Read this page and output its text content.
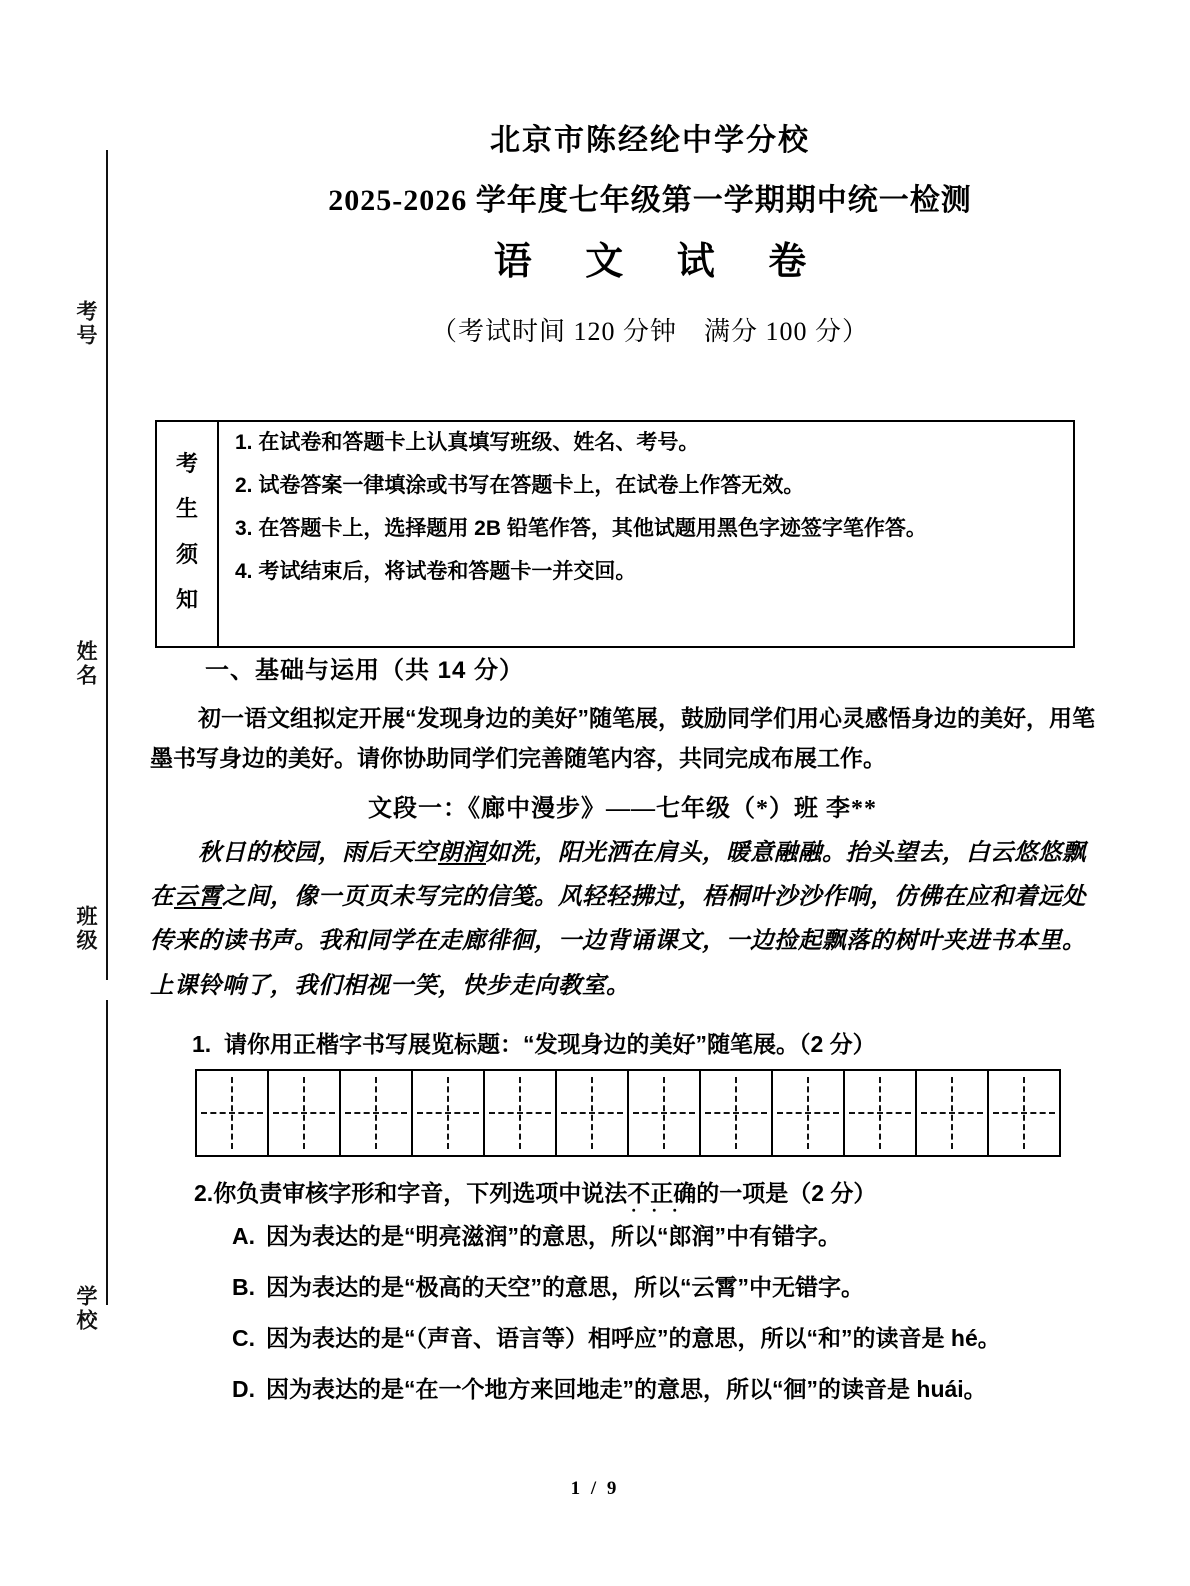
考号
姓名
班级
学校
北京市陈经纶中学分校
2025-2026 学年度七年级第一学期期中统一检测
语 文 试 卷
（考试时间 120 分钟　满分 100 分）
考
生
须
知
1. 在试卷和答题卡上认真填写班级、姓名、考号。
2. 试卷答案一律填涂或书写在答题卡上，在试卷上作答无效。
3. 在答题卡上，选择题用 2B 铅笔作答，其他试题用黑色字迹签字笔作答。
4. 考试结束后，将试卷和答题卡一并交回。
一、基础与运用（共 14 分）

初一语文组拟定开展“发现身边的美好”随笔展，鼓励同学们用心灵感悟身边的美好，用笔墨书写身边的美好。请你协助同学们完善随笔内容，共同完成布展工作。

文段一：《廊中漫步》——七年级（*）班 李**

秋日的校园，雨后天空朗润如洗，阳光洒在肩头，暖意融融。抬头望去，白云悠悠飘在云霄之间，像一页页未写完的信笺。风轻轻拂过，梧桐叶沙沙作响，仿佛在应和着远处传来的读书声。我和同学在走廊徘徊，一边背诵课文，一边捡起飘落的树叶夹进书本里。上课铃响了，我们相视一笑，快步走向教室。

1. 请你用正楷字书写展览标题：“发现身边的美好”随笔展。（2 分）
2.你负责审核字形和字音，下列选项中说法不正确 ・・・的一项是（2 分）
A. 因为表达的是“明亮滋润”的意思，所以“郎润”中有错字。
B. 因为表达的是“极高的天空”的意思，所以“云霄”中无错字。
C. 因为表达的是“（声音、语言等）相呼应”的意思，所以“和”的读音是 hé。
D. 因为表达的是“在一个地方来回地走”的意思，所以“徊”的读音是 huái。
1 / 9
